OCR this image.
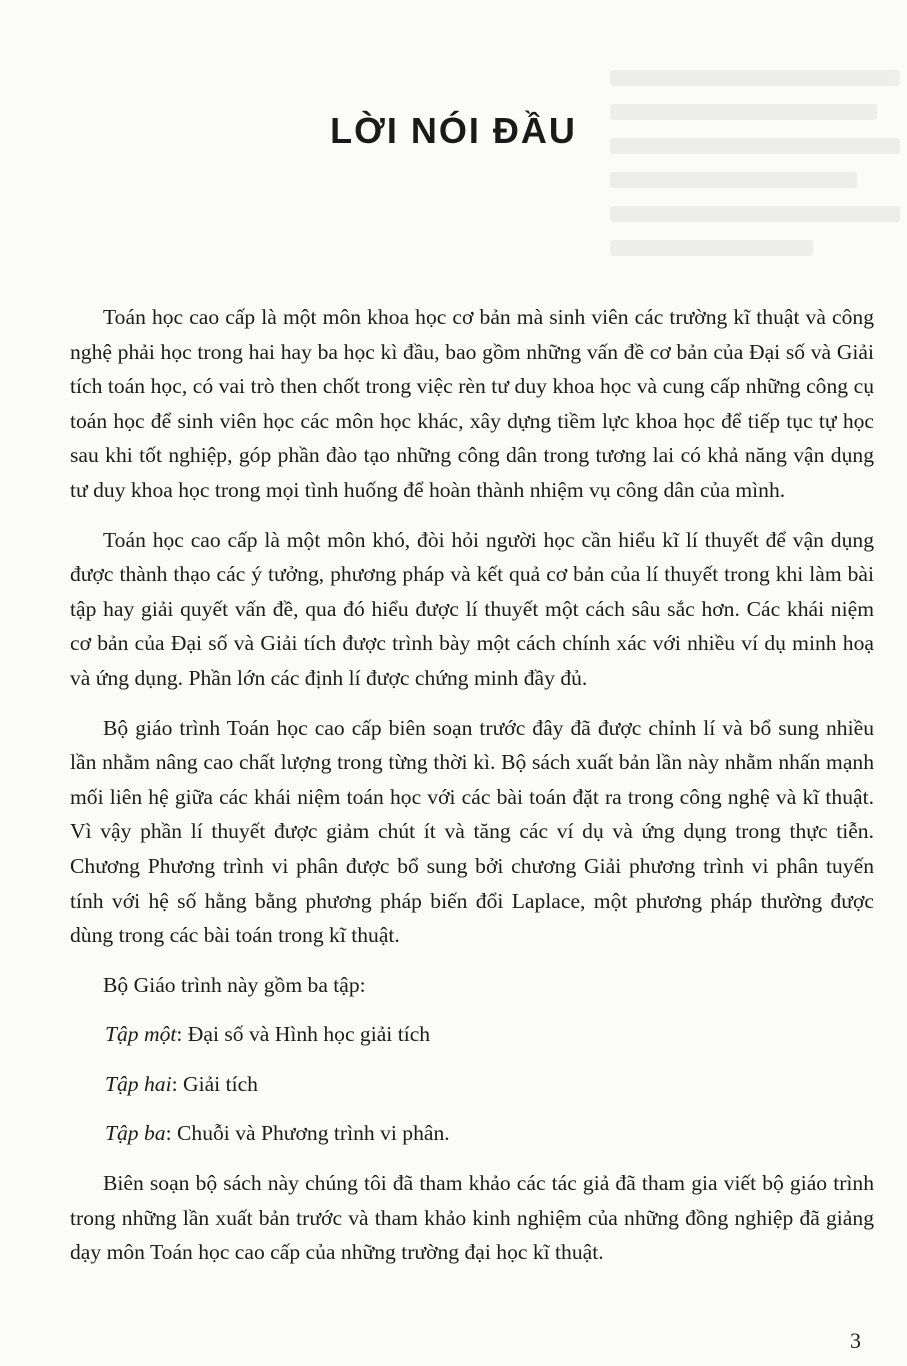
LỜI NÓI ĐẦU

Toán học cao cấp là một môn khoa học cơ bản mà sinh viên các trường kĩ thuật và công nghệ phải học trong hai hay ba học kì đầu, bao gồm những vấn đề cơ bản của Đại số và Giải tích toán học, có vai trò then chốt trong việc rèn tư duy khoa học và cung cấp những công cụ toán học để sinh viên học các môn học khác, xây dựng tiềm lực khoa học để tiếp tục tự học sau khi tốt nghiệp, góp phần đào tạo những công dân trong tương lai có khả năng vận dụng tư duy khoa học trong mọi tình huống để hoàn thành nhiệm vụ công dân của mình.

Toán học cao cấp là một môn khó, đòi hỏi người học cần hiểu kĩ lí thuyết để vận dụng được thành thạo các ý tưởng, phương pháp và kết quả cơ bản của lí thuyết trong khi làm bài tập hay giải quyết vấn đề, qua đó hiểu được lí thuyết một cách sâu sắc hơn. Các khái niệm cơ bản của Đại số và Giải tích được trình bày một cách chính xác với nhiều ví dụ minh hoạ và ứng dụng. Phần lớn các định lí được chứng minh đầy đủ.

Bộ giáo trình Toán học cao cấp biên soạn trước đây đã được chỉnh lí và bổ sung nhiều lần nhằm nâng cao chất lượng trong từng thời kì. Bộ sách xuất bản lần này nhằm nhấn mạnh mối liên hệ giữa các khái niệm toán học với các bài toán đặt ra trong công nghệ và kĩ thuật. Vì vậy phần lí thuyết được giảm chút ít và tăng các ví dụ và ứng dụng trong thực tiễn. Chương Phương trình vi phân được bổ sung bởi chương Giải phương trình vi phân tuyến tính với hệ số hằng bằng phương pháp biến đổi Laplace, một phương pháp thường được dùng trong các bài toán trong kĩ thuật.

Bộ Giáo trình này gồm ba tập:

Tập một: Đại số và Hình học giải tích

Tập hai: Giải tích

Tập ba: Chuỗi và Phương trình vi phân.

Biên soạn bộ sách này chúng tôi đã tham khảo các tác giả đã tham gia viết bộ giáo trình trong những lần xuất bản trước và tham khảo kinh nghiệm của những đồng nghiệp đã giảng dạy môn Toán học cao cấp của những trường đại học kĩ thuật.

3
